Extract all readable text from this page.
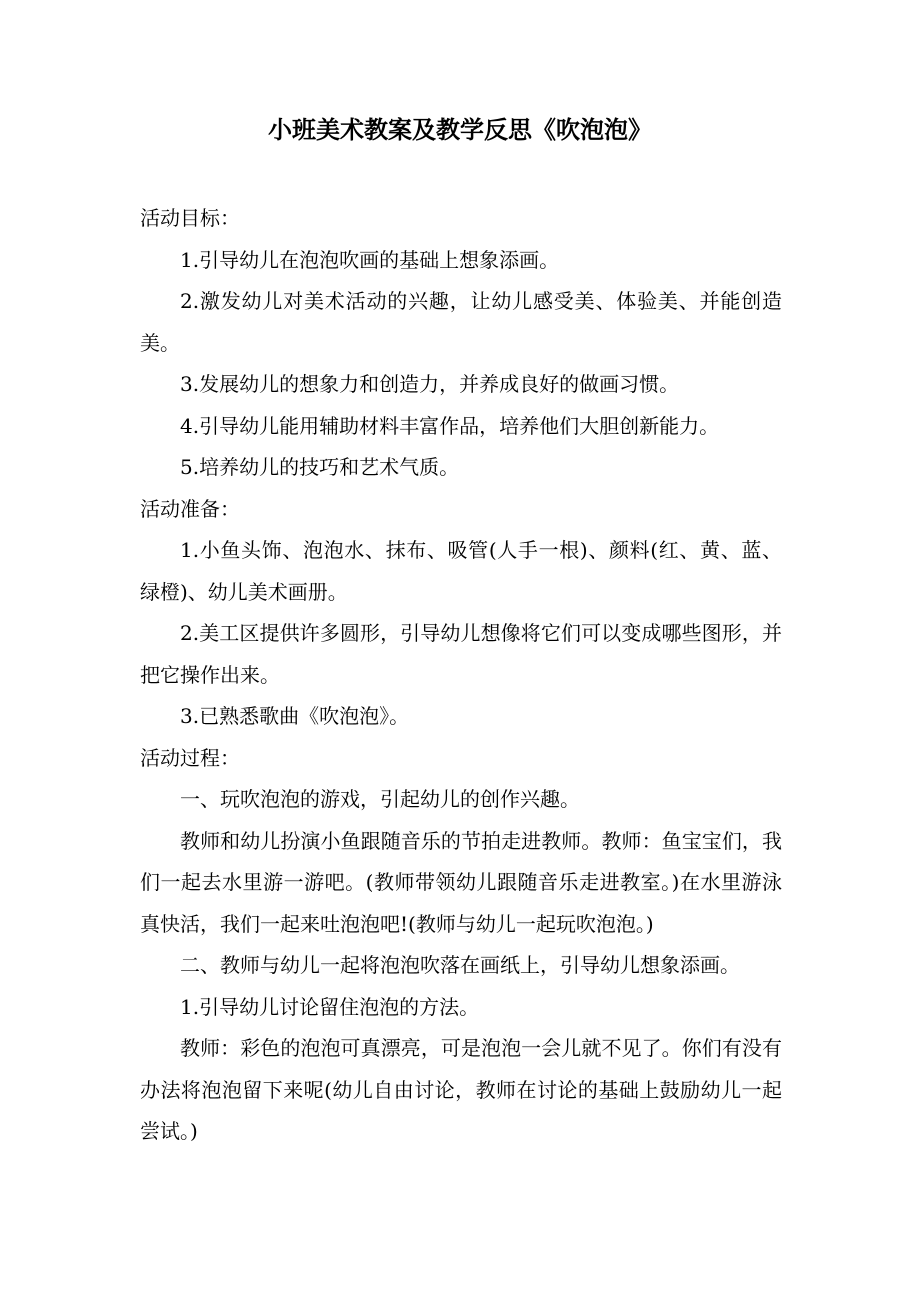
小班美术教案及教学反思《吹泡泡》

活动目标：

1.引导幼儿在泡泡吹画的基础上想象添画。

2.激发幼儿对美术活动的兴趣，让幼儿感受美、体验美、并能创造美。

3.发展幼儿的想象力和创造力，并养成良好的做画习惯。

4.引导幼儿能用辅助材料丰富作品，培养他们大胆创新能力。

5.培养幼儿的技巧和艺术气质。

活动准备：

1.小鱼头饰、泡泡水、抹布、吸管(人手一根)、颜料(红、黄、蓝、绿橙)、幼儿美术画册。

2.美工区提供许多圆形，引导幼儿想像将它们可以变成哪些图形，并把它操作出来。

3.已熟悉歌曲《吹泡泡》。

活动过程：

一、玩吹泡泡的游戏，引起幼儿的创作兴趣。

教师和幼儿扮演小鱼跟随音乐的节拍走进教师。教师：鱼宝宝们，我们一起去水里游一游吧。(教师带领幼儿跟随音乐走进教室。)在水里游泳真快活，我们一起来吐泡泡吧!(教师与幼儿一起玩吹泡泡。)

二、教师与幼儿一起将泡泡吹落在画纸上，引导幼儿想象添画。

1.引导幼儿讨论留住泡泡的方法。

教师：彩色的泡泡可真漂亮，可是泡泡一会儿就不见了。你们有没有办法将泡泡留下来呢(幼儿自由讨论，教师在讨论的基础上鼓励幼儿一起尝试。)
